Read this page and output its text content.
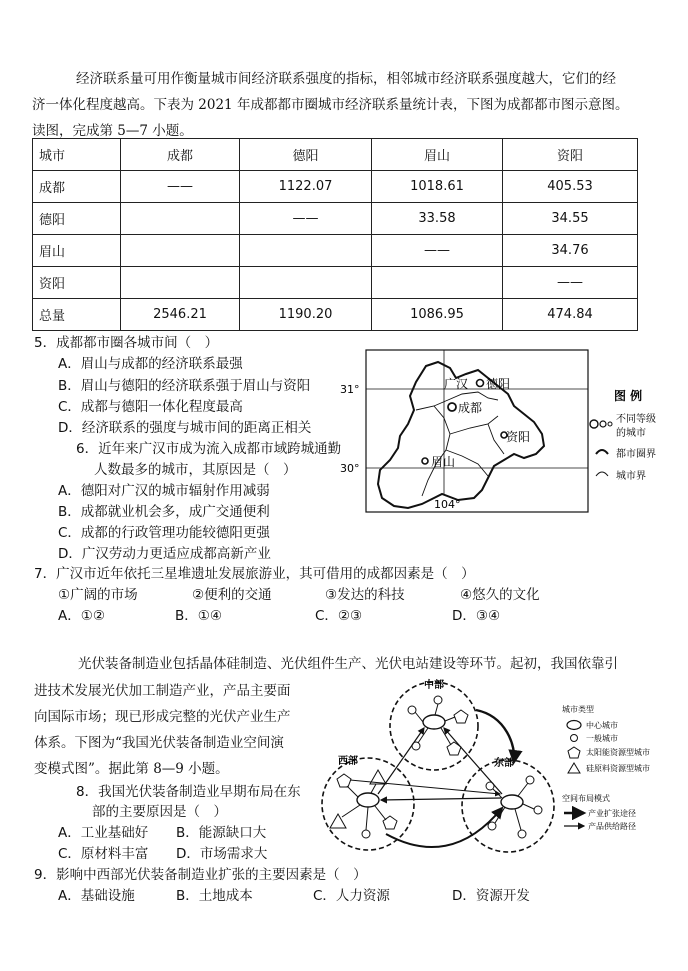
经济联系量可用作衡量城市间经济联系强度的指标，相邻城市经济联系强度越大，它们的经

济一体化程度越高。下表为 2021 年成都都市圈城市经济联系量统计表，下图为成都都市图示意图。

读图，完成第 5—7 小题。

城市	成都	德阳	眉山	资阳
成都	——	1122.07	1018.61	405.53
德阳		——	33.58	34.55
眉山			——	34.76
资阳				——
总量	2546.21	1190.20	1086.95	474.84
5．成都都市圈各城市间（　）
A．眉山与成都的经济联系最强
B．眉山与德阳的经济联系强于眉山与资阳
C．成都与德阳一体化程度最高
D．经济联系的强度与城市间的距离正相关
6．近年来广汉市成为流入成都市域跨城通勤
人数最多的城市，其原因是（　）
A．德阳对广汉的城市辐射作用减弱
B．成都就业机会多，成广交通便利
C．成都的行政管理功能较德阳更强
D．广汉劳动力更适应成都高新产业
7．广汉市近年依托三星堆遗址发展旅游业，其可借用的成都因素是（　）
①广阔的市场	②便利的交通	③发达的科技	④悠久的文化
A．①②	B．①④	C．②③	D．③④
广汉 德阳
成都
资阳
眉山
31°
30°
104°
图 例
不同等级
的城市
都市圈界
城市界
光伏装备制造业包括晶体硅制造、光伏组件生产、光伏电站建设等环节。起初，我国依靠引
进技术发展光伏加工制造产业，产品主要面
向国际市场；现已形成完整的光伏产业生产
体系。下图为“我国光伏装备制造业空间演
变模式图”。据此第 8—9 小题。
8．我国光伏装备制造业早期布局在东
部的主要原因是（　）
A．工业基础好 B．能源缺口大
C．原材料丰富 D．市场需求大
9．影响中西部光伏装备制造业扩张的主要因素是（　）
A．基础设施	B．土地成本	C．人力资源	D．资源开发
中部
西部	东部
城市类型
中心城市
一般城市
太阳能资源型城市
硅原料资源型城市
空间布局模式
产业扩张途径
产品供给路径
